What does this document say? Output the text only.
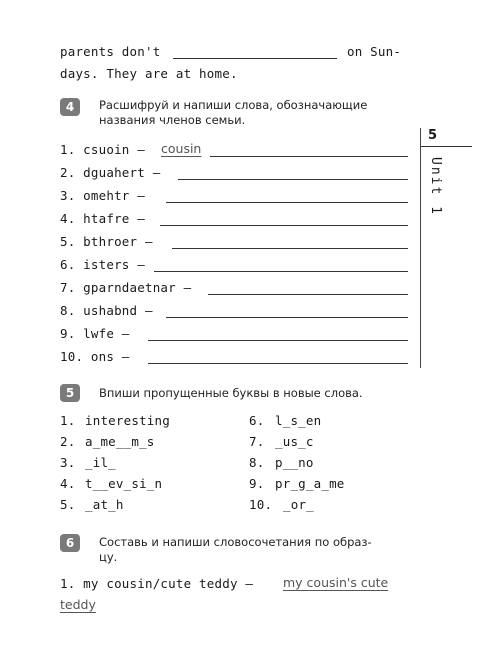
parents don't	on Sun-
days. They are at home.
4	Расшифруй и напиши слова, обозначающие
названия членов семьи.
1. csuoin — cousin
2. dguahert —
3. omehtr —
4. htafre —
5. bthroer —
6. isters —
7. gparndaetnar —
8. ushabnd —
9. lwfe —
10. ons —
5	Впиши пропущенные буквы в новые слова.
1. interesting
2. a_me__m_s
3. _il_
4. t__ev_si_n
5. _at_h
6. l_s_en
7. _us_c
8. p__no
9. pr_g_a_me
10. _or_
6	Составь и напиши словосочетания по образ-
цу.
1. my cousin/cute teddy — my cousin's cute
teddy
5
Unit 1
